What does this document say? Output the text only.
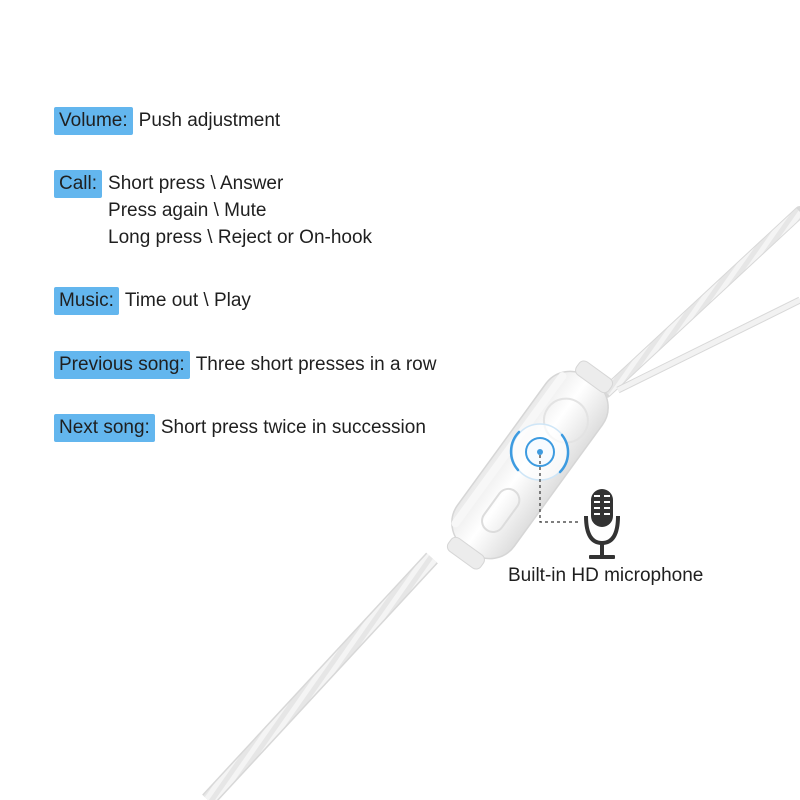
Volume: Push adjustment
Call: Short press \ Answer
Press again \ Mute
Long press \ Reject or On-hook
Music: Time out \ Play
Previous song: Three short presses in a row
Next song: Short press twice in succession
Built-in HD microphone
